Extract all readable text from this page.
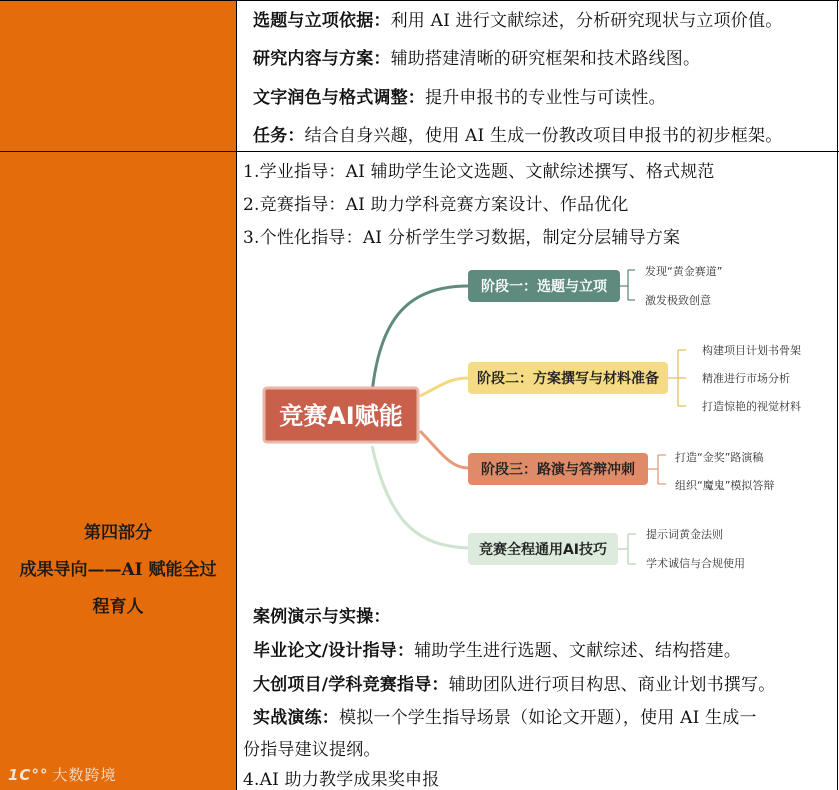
选题与立项依据：利用 AI 进行文献综述，分析研究现状与立项价值。
研究内容与方案：辅助搭建清晰的研究框架和技术路线图。
文字润色与格式调整：提升申报书的专业性与可读性。
任务：结合自身兴趣，使用 AI 生成一份教改项目申报书的初步框架。
第四部分
成果导向——AI 赋能全过
程育人
1.学业指导：AI 辅助学生论文选题、文献综述撰写、格式规范
2.竞赛指导：AI 助力学科竞赛方案设计、作品优化
3.个性化指导：AI 分析学生学习数据，制定分层辅导方案
竞赛AI赋能
阶段一：选题与立项
发现“黄金赛道”
激发极致创意
阶段二：方案撰写与材料准备
构建项目计划书骨架
精准进行市场分析
打造惊艳的视觉材料
阶段三：路演与答辩冲刺
打造“金奖”路演稿
组织“魔鬼”模拟答辩
竞赛全程通用AI技巧
提示词黄金法则
学术诚信与合规使用
案例演示与实操：
毕业论文/设计指导：辅助学生进行选题、文献综述、结构搭建。
大创项目/学科竞赛指导：辅助团队进行项目构思、商业计划书撰写。
实战演练：模拟一个学生指导场景（如论文开题），使用 AI 生成一
份指导建议提纲。
4.AI 助力教学成果奖申报
1C°° 大数跨境
